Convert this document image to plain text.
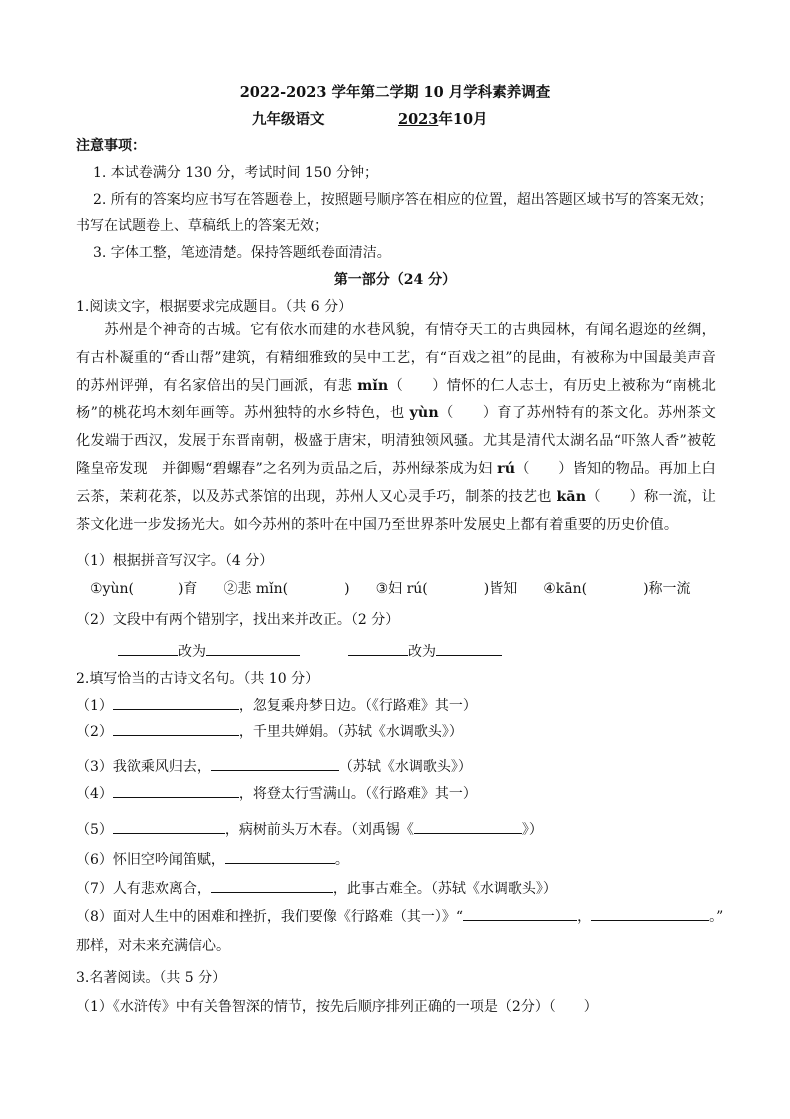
2022-2023 学年第二学期 10 月学科素养调查
九年级语文	2023年10月
注意事项：
1. 本试卷满分 130 分，考试时间 150 分钟；
2. 所有的答案均应书写在答题卷上，按照题号顺序答在相应的位置，超出答题区域书写的答案无效；
书写在试题卷上、草稿纸上的答案无效；
3. 字体工整，笔迹清楚。保持答题纸卷面清洁。
第一部分（24 分）
1.阅读文字，根据要求完成题目。（共 6 分）
苏州是个神奇的古城。它有依水而建的水巷风貌，有情夺天工的古典园林，有闻名遐迩的丝绸，有古朴凝重的“香山帮”建筑，有精细雅致的吴中工艺，有“百戏之祖”的昆曲，有被称为中国最美声音的苏州评弹，有名家倍出的吴门画派，有悲 mǐn（　　）情怀的仁人志士，有历史上被称为“南桃北杨”的桃花坞木刻年画等。苏州独特的水乡特色，也 yùn（　　）育了苏州特有的茶文化。苏州茶文化发端于西汉，发展于东晋南朝，极盛于唐宋，明清独领风骚。尤其是清代太湖名品“吓煞人香”被乾隆皇帝发现　并御赐“碧螺春”之名列为贡品之后，苏州绿茶成为妇 rú（　　）皆知的物品。再加上白云茶，茉莉花茶，以及苏式茶馆的出现，苏州人又心灵手巧，制茶的技艺也 kān（　　）称一流，让茶文化进一步发扬光大。如今苏州的茶叶在中国乃至世界茶叶发展史上都有着重要的历史价值。
（1）根据拼音写汉字。（4 分）
①yùn(	)育 ②悲 mǐn(	) ③妇 rú(	)皆知 ④kān(	)称一流
（2）文段中有两个错别字，找出来并改正。（2 分）
改为	改为
2.填写恰当的古诗文名句。（共 10 分）
（1）	，忽复乘舟梦日边。（《行路难》其一）
（2）	，千里共婵娟。（苏轼《水调歌头》）
（3）我欲乘风归去，	（苏轼《水调歌头》）
（4）	，将登太行雪满山。（《行路难》其一）
（5）	，病树前头万木春。（刘禹锡《	》）
（6）怀旧空吟闻笛赋，	。
（7）人有悲欢离合，	，此事古难全。（苏轼《水调歌头》）
（8）面对人生中的困难和挫折，我们要像《行路难（其一）》“	，	。”
那样，对未来充满信心。
3.名著阅读。（共 5 分）
（1）《水浒传》中有关鲁智深的情节，按先后顺序排列正确的一项是（2分）（　　）
